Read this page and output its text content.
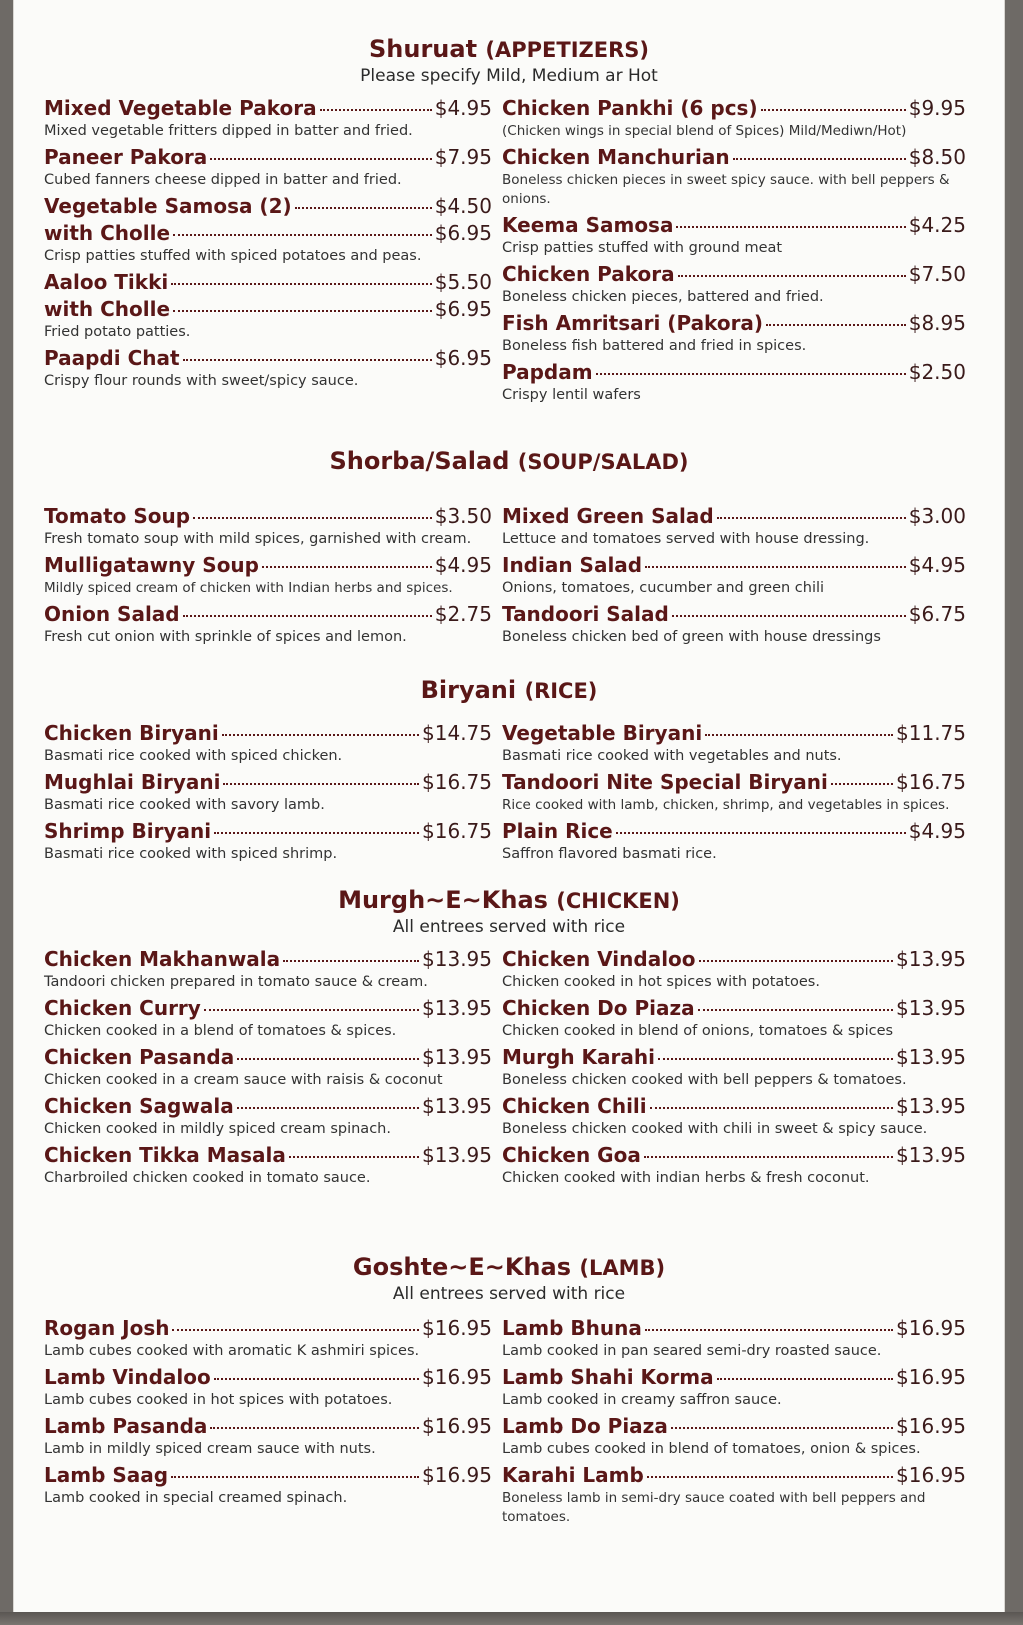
Shuruat (APPETIZERS)

Please specify Mild, Medium ar Hot

Mixed Vegetable Pakora	$4.95

Mixed vegetable fritters dipped in batter and fried.

Paneer Pakora	$7.95

Cubed fanners cheese dipped in batter and fried.

Vegetable Samosa (2)	$4.50
with Cholle	$6.95

Crisp patties stuffed with spiced potatoes and peas.

Aaloo Tikki	$5.50
with Cholle	$6.95

Fried potato patties.

Paapdi Chat	$6.95

Crispy flour rounds with sweet/spicy sauce.

Chicken Pankhi (6 pcs)	$9.95

(Chicken wings in special blend of Spices) Mild/Mediwn/Hot)

Chicken Manchurian	$8.50

Boneless chicken pieces in sweet spicy sauce. with bell peppers & onions.

Keema Samosa	$4.25

Crisp patties stuffed with ground meat

Chicken Pakora	$7.50

Boneless chicken pieces, battered and fried.

Fish Amritsari (Pakora)	$8.95

Boneless fish battered and fried in spices.

Papdam	$2.50

Crispy lentil wafers

Shorba/Salad (SOUP/SALAD)
Tomato Soup	$3.50

Fresh tomato soup with mild spices, garnished with cream.

Mulligatawny Soup	$4.95

Mildly spiced cream of chicken with Indian herbs and spices.

Onion Salad	$2.75

Fresh cut onion with sprinkle of spices and lemon.

Mixed Green Salad	$3.00

Lettuce and tomatoes served with house dressing.

Indian Salad	$4.95

Onions, tomatoes, cucumber and green chili

Tandoori Salad	$6.75

Boneless chicken bed of green with house dressings

Biryani (RICE)
Chicken Biryani	$14.75

Basmati rice cooked with spiced chicken.

Mughlai Biryani	$16.75

Basmati rice cooked with savory lamb.

Shrimp Biryani	$16.75

Basmati rice cooked with spiced shrimp.

Vegetable Biryani	$11.75

Basmati rice cooked with vegetables and nuts.

Tandoori Nite Special Biryani	$16.75

Rice cooked with lamb, chicken, shrimp, and vegetables in spices.

Plain Rice	$4.95

Saffron flavored basmati rice.

Murgh~E~Khas (CHICKEN)

All entrees served with rice

Chicken Makhanwala	$13.95

Tandoori chicken prepared in tomato sauce & cream.

Chicken Curry	$13.95

Chicken cooked in a blend of tomatoes & spices.

Chicken Pasanda	$13.95

Chicken cooked in a cream sauce with raisis & coconut

Chicken Sagwala	$13.95

Chicken cooked in mildly spiced cream spinach.

Chicken Tikka Masala	$13.95

Charbroiled chicken cooked in tomato sauce.

Chicken Vindaloo	$13.95

Chicken cooked in hot spices with potatoes.

Chicken Do Piaza	$13.95

Chicken cooked in blend of onions, tomatoes & spices

Murgh Karahi	$13.95

Boneless chicken cooked with bell peppers & tomatoes.

Chicken Chili	$13.95

Boneless chicken cooked with chili in sweet & spicy sauce.

Chicken Goa	$13.95

Chicken cooked with indian herbs & fresh coconut.

Goshte~E~Khas (LAMB)

All entrees served with rice

Rogan Josh	$16.95

Lamb cubes cooked with aromatic K ashmiri spices.

Lamb Vindaloo	$16.95

Lamb cubes cooked in hot spices with potatoes.

Lamb Pasanda	$16.95

Lamb in mildly spiced cream sauce with nuts.

Lamb Saag	$16.95

Lamb cooked in special creamed spinach.

Lamb Bhuna	$16.95

Lamb cooked in pan seared semi-dry roasted sauce.

Lamb Shahi Korma	$16.95

Lamb cooked in creamy saffron sauce.

Lamb Do Piaza	$16.95

Lamb cubes cooked in blend of tomatoes, onion & spices.

Karahi Lamb	$16.95

Boneless lamb in semi-dry sauce coated with bell peppers and tomatoes.
